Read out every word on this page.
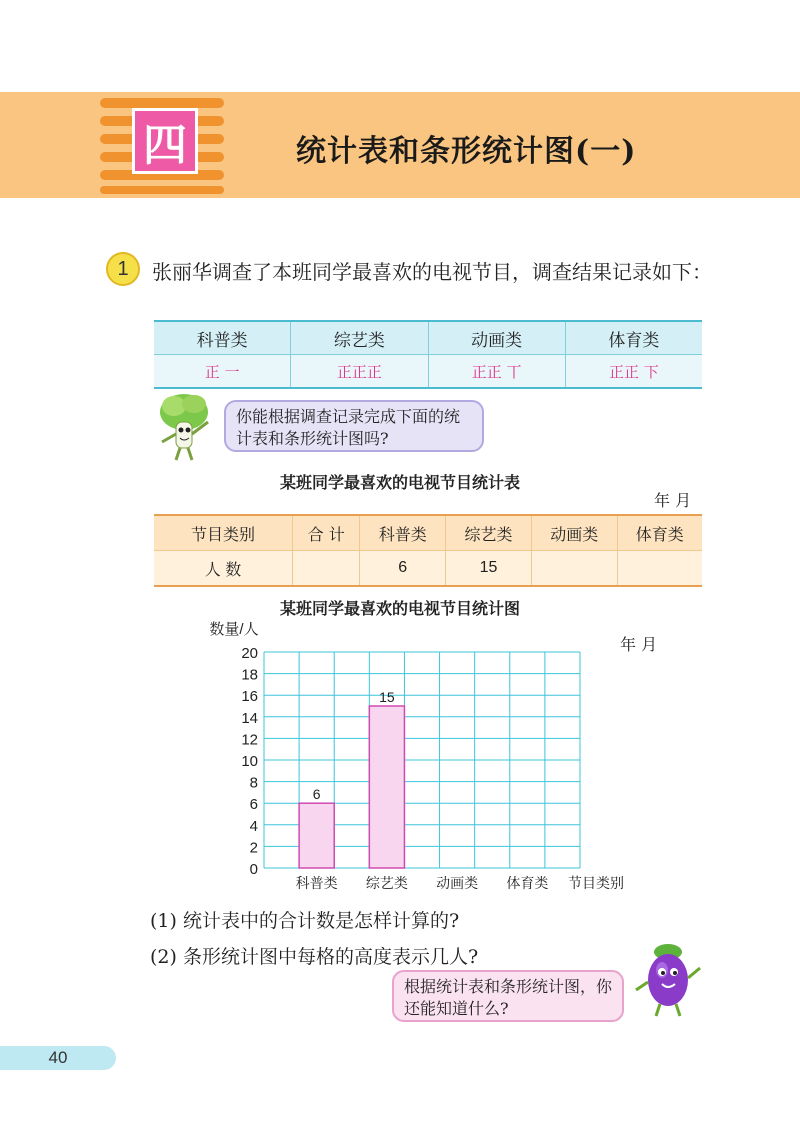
四	统计表和条形统计图(一)
1	张丽华调查了本班同学最喜欢的电视节目，调查结果记录如下：
科普类	综艺类	动画类	体育类
正 一	正正正	正正 丅	正正 下
你能根据调查记录完成下面的统计表和条形统计图吗?
某班同学最喜欢的电视节目统计表
年 月
节目类别	合 计	科普类	综艺类	动画类	体育类
人 数		6	15		
某班同学最喜欢的电视节目统计图
年 月
0
2
4
6
8
10
12
14
16
18
20
数量/人
6
科普类
15
综艺类 动画类 体育类 节目类别
(1) 统计表中的合计数是怎样计算的?
(2) 条形统计图中每格的高度表示几人?
根据统计表和条形统计图，你还能知道什么?
40
